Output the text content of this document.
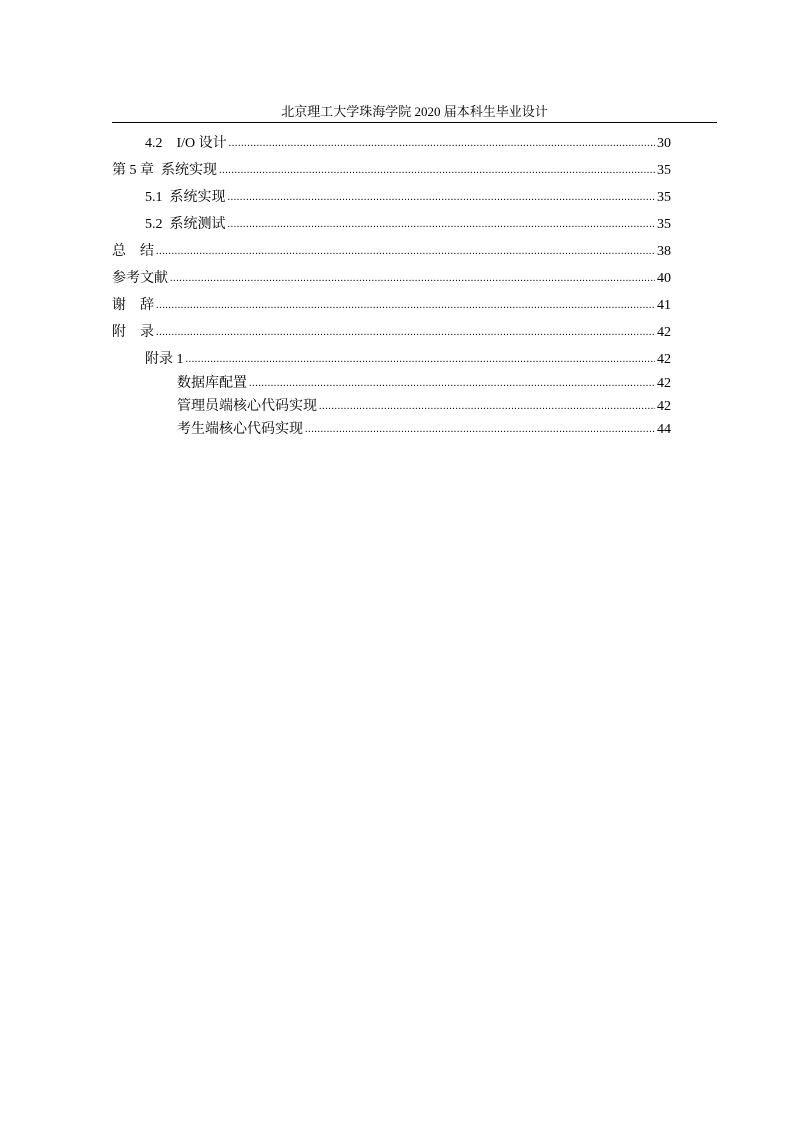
北京理工大学珠海学院 2020 届本科生毕业设计
4.2　I/O 设计 .....	30
第 5 章  系统实现 .....	35
5.1  系统实现 .....	35
5.2  系统测试 .....	35
总　结 .....	38
参考文献 .....	40
谢　辞 .....	41
附　录 .....	42
附录 1 .....	42
数据库配置 .....	42
管理员端核心代码实现 .....	42
考生端核心代码实现 .....	44
